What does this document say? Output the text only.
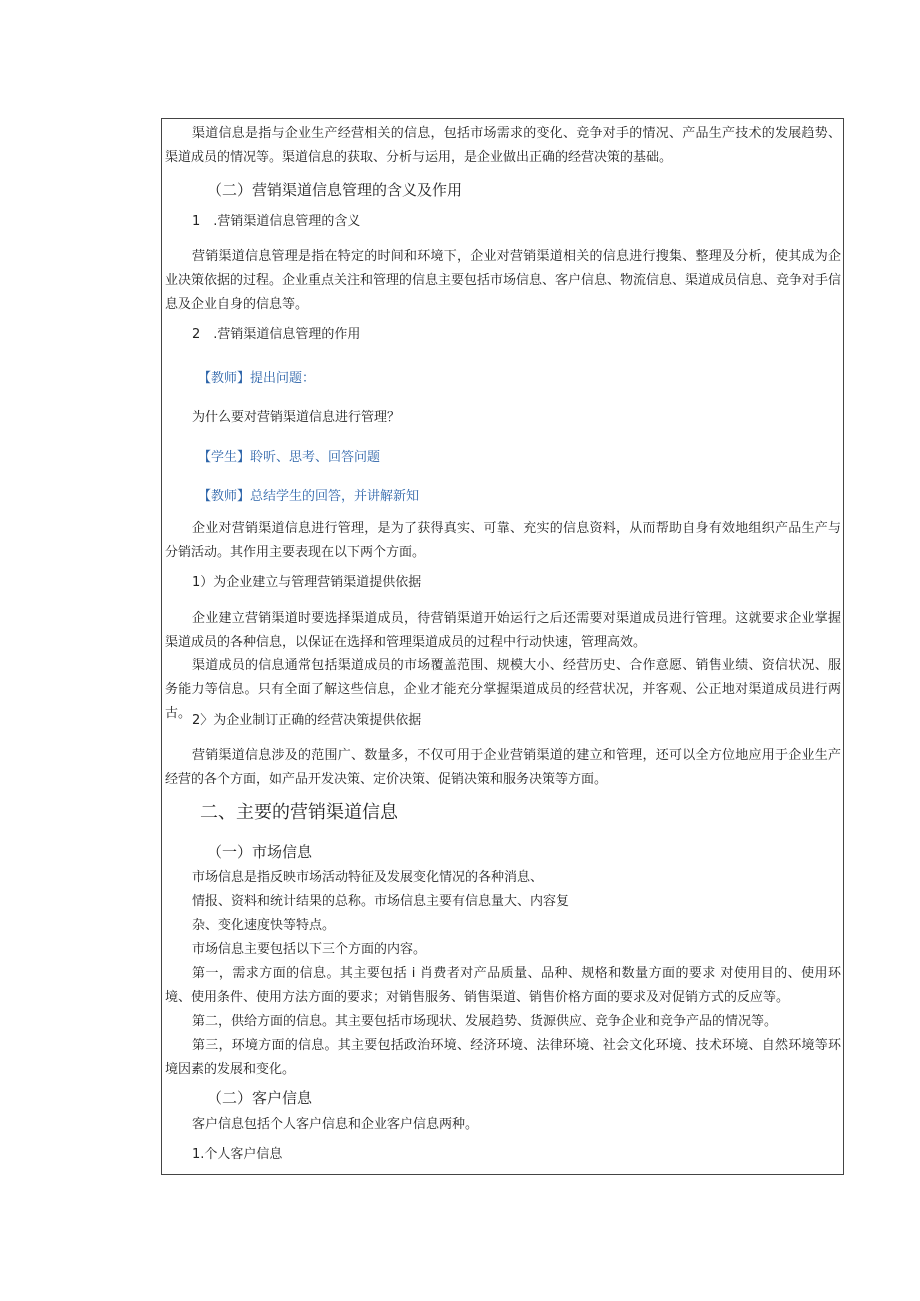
渠道信息是指与企业生产经营相关的信息，包括市场需求的变化、竞争对手的情况、产品生产技术的发展趋势、渠道成员的情况等。渠道信息的获取、分析与运用，是企业做出正确的经营决策的基础。
（二）营销渠道信息管理的含义及作用
1　.营销渠道信息管理的含义
营销渠道信息管理是指在特定的时间和环境下，企业对营销渠道相关的信息进行搜集、整理及分析，使其成为企业决策依据的过程。企业重点关注和管理的信息主要包括市场信息、客户信息、物流信息、渠道成员信息、竞争对手信息及企业自身的信息等。
2　.营销渠道信息管理的作用
【教师】提出问题：
为什么要对营销渠道信息进行管理？
【学生】聆听、思考、回答问题
【教师】总结学生的回答，并讲解新知
企业对营销渠道信息进行管理，是为了获得真实、可靠、充实的信息资料，从而帮助自身有效地组织产品生产与分销活动。其作用主要表现在以下两个方面。
1）为企业建立与管理营销渠道提供依据
企业建立营销渠道时要选择渠道成员，待营销渠道开始运行之后还需要对渠道成员进行管理。这就要求企业掌握渠道成员的各种信息，以保证在选择和管理渠道成员的过程中行动快速，管理高效。
渠道成员的信息通常包括渠道成员的市场覆盖范围、规模大小、经营历史、合作意愿、销售业绩、资信状况、服务能力等信息。只有全面了解这些信息，企业才能充分掌握渠道成员的经营状况，并客观、公正地对渠道成员进行两古。 2〉为企业制订正确的经营决策提供依据
营销渠道信息涉及的范围广、数量多，不仅可用于企业营销渠道的建立和管理，还可以全方位地应用于企业生产经营的各个方面，如产品开发决策、定价决策、促销决策和服务决策等方面。
二、主要的营销渠道信息
（一）市场信息
市场信息是指反映市场活动特征及发展变化情况的各种消息、
情报、资料和统计结果的总称。市场信息主要有信息量大、内容复
杂、变化速度快等特点。
市场信息主要包括以下三个方面的内容。
第一，需求方面的信息。其主要包括 i 肖费者对产品质量、品种、规格和数量方面的要求 对使用目的、使用环境、使用条件、使用方法方面的要求；对销售服务、销售渠道、销售价格方面的要求及对促销方式的反应等。
第二，供给方面的信息。其主要包括市场现状、发展趋势、货源供应、竞争企业和竞争产品的情况等。
第三，环境方面的信息。其主要包括政治环境、经济环境、法律环境、社会文化环境、技术环境、自然环境等环境因素的发展和变化。
（二）客户信息
客户信息包括个人客户信息和企业客户信息两种。
1.个人客户信息
